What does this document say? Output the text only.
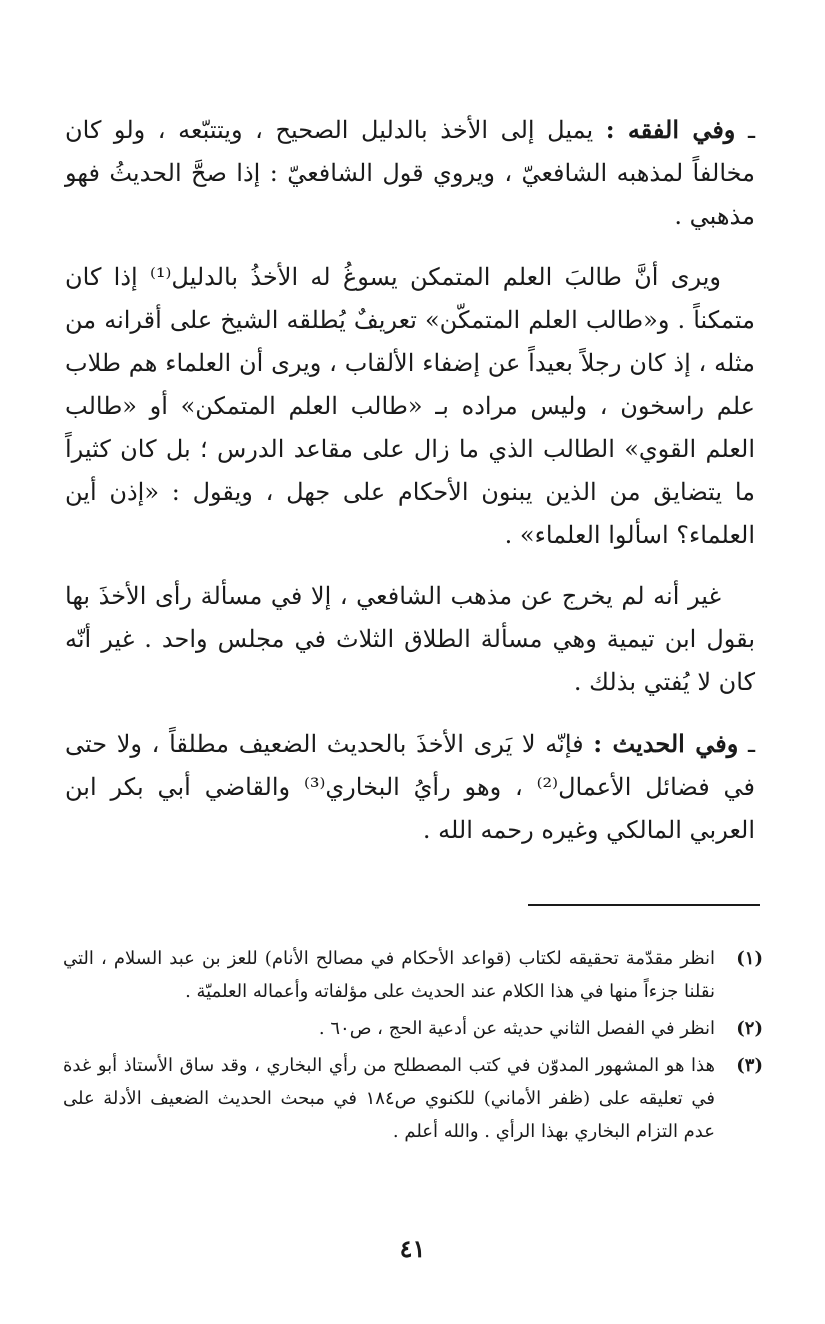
ـ وفي الفقه : يميل إلى الأخذ بالدليل الصحيح ، ويتتبّعه ، ولو كان مخالفاً لمذهبه الشافعيّ ، ويروي قول الشافعيّ : إذا صحَّ الحديثُ فهو مذهبي .

ويرى أنَّ طالبَ العلم المتمكن يسوغُ له الأخذُ بالدليل⁽¹⁾ إذا كان متمكناً . و«طالب العلم المتمكّن» تعريفٌ يُطلقه الشيخ على أقرانه من مثله ، إذ كان رجلاً بعيداً عن إضفاء الألقاب ، ويرى أن العلماء هم طلاب علم راسخون ، وليس مراده بـ «طالب العلم المتمكن» أو «طالب العلم القوي» الطالب الذي ما زال على مقاعد الدرس ؛ بل كان كثيراً ما يتضايق من الذين يبنون الأحكام على جهل ، ويقول : «إذن أين العلماء؟ اسألوا العلماء» .

غير أنه لم يخرج عن مذهب الشافعي ، إلا في مسألة رأى الأخذَ بها بقول ابن تيمية وهي مسألة الطلاق الثلاث في مجلس واحد . غير أنّه كان لا يُفتي بذلك .

ـ وفي الحديث : فإنّه لا يَرى الأخذَ بالحديث الضعيف مطلقاً ، ولا حتى في فضائل الأعمال⁽²⁾ ، وهو رأيُ البخاري⁽³⁾ والقاضي أبي بكر ابن العربي المالكي وغيره رحمه الله .

(١)
انظر مقدّمة تحقيقه لكتاب (قواعد الأحكام في مصالح الأنام) للعز بن عبد السلام ، التي نقلنا جزءاً منها في هذا الكلام عند الحديث على مؤلفاته وأعماله العلميّة .
(٢)
انظر في الفصل الثاني حديثه عن أدعية الحج ، ص٦٠ .
(٣)
هذا هو المشهور المدوّن في كتب المصطلح من رأي البخاري ، وقد ساق الأستاذ أبو غدة في تعليقه على (ظفر الأماني) للكنوي ص١٨٤ في مبحث الحديث الضعيف الأدلة على عدم التزام البخاري بهذا الرأي . والله أعلم .
٤١
